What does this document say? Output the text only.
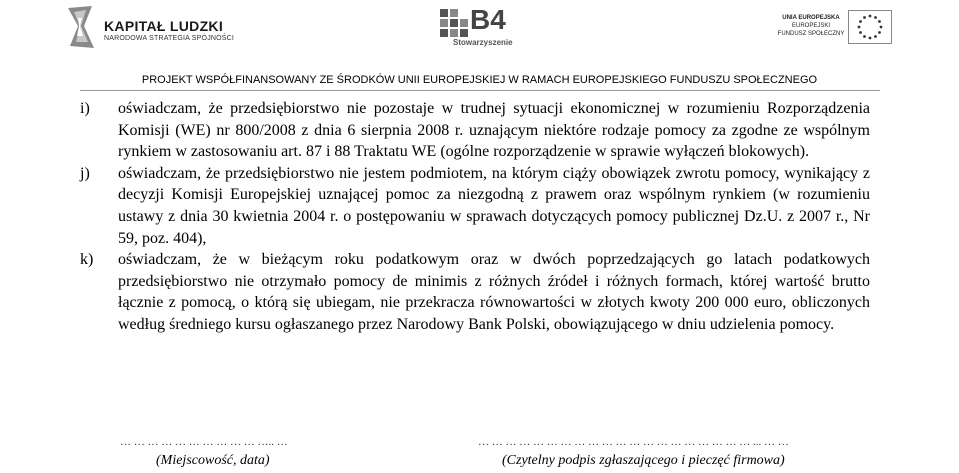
KAPITAŁ LUDZKI
NARODOWA STRATEGIA SPÓJNOŚCI
B4
Stowarzyszenie
UNIA EUROPEJSKA
EUROPEJSKI
FUNDUSZ SPOŁECZNY
PROJEKT WSPÓŁFINANSOWANY ZE ŚRODKÓW UNII EUROPEJSKIEJ W RAMACH EUROPEJSKIEGO FUNDUSZU SPOŁECZNEGO
i) oświadczam, że przedsiębiorstwo nie pozostaje w trudnej sytuacji ekonomicznej w rozumieniu Rozporządzenia Komisji (WE) nr 800/2008 z dnia 6 sierpnia 2008 r. uznającym niektóre rodzaje pomocy za zgodne ze wspólnym rynkiem w zastosowaniu art. 87 i 88 Traktatu WE (ogólne rozporządzenie w sprawie wyłączeń blokowych).
j) oświadczam, że przedsiębiorstwo nie jestem podmiotem, na którym ciąży obowiązek zwrotu pomocy, wynikający z decyzji Komisji Europejskiej uznającej pomoc za niezgodną z prawem oraz wspólnym rynkiem (w rozumieniu ustawy z dnia 30 kwietnia 2004 r. o postępowaniu w sprawach dotyczących pomocy publicznej Dz.U. z 2007 r., Nr 59, poz. 404),
k) oświadczam, że w bieżącym roku podatkowym oraz w dwóch poprzedzających go latach podatkowych przedsiębiorstwo nie otrzymało pomocy de minimis z różnych źródeł i różnych formach, której wartość brutto łącznie z pomocą, o którą się ubiegam, nie przekracza równowartości w złotych kwoty 200 000 euro, obliczonych według średniego kursu ogłaszanego przez Narodowy Bank Polski, obowiązującego w dniu udzielenia pomocy.
… … … … … … … … … … ….. …	… … … … … … … … … … … … … … … … … … … … ... … …
(Miejscowość, data)	(Czytelny podpis zgłaszającego i pieczęć firmowa)
